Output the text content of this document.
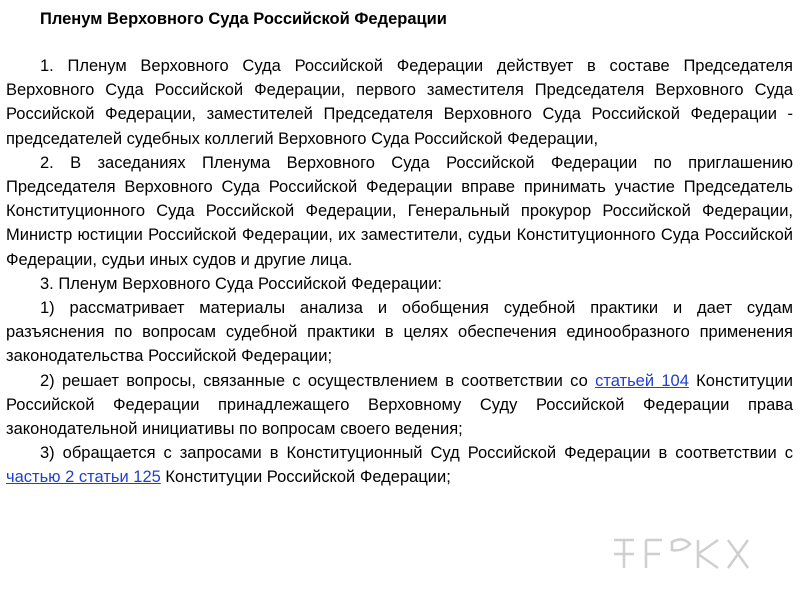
Пленум Верховного Суда Российской Федерации

1. Пленум Верховного Суда Российской Федерации действует в составе Председателя Верховного Суда Российской Федерации, первого заместителя Председателя Верховного Суда Российской Федерации, заместителей Председателя Верховного Суда Российской Федерации - председателей судебных коллегий Верховного Суда Российской Федерации,

2. В заседаниях Пленума Верховного Суда Российской Федерации по приглашению Председателя Верховного Суда Российской Федерации вправе принимать участие Председатель Конституционного Суда Российской Федерации, Генеральный прокурор Российской Федерации, Министр юстиции Российской Федерации, их заместители, судьи Конституционного Суда Российской Федерации, судьи иных судов и другие лица.

3. Пленум Верховного Суда Российской Федерации:

1) рассматривает материалы анализа и обобщения судебной практики и дает судам разъяснения по вопросам судебной практики в целях обеспечения единообразного применения законодательства Российской Федерации;

2) решает вопросы, связанные с осуществлением в соответствии со статьей 104 Конституции Российской Федерации принадлежащего Верховному Суду Российской Федерации права законодательной инициативы по вопросам своего ведения;

3) обращается с запросами в Конституционный Суд Российской Федерации в соответствии с частью 2 статьи 125 Конституции Российской Федерации;
